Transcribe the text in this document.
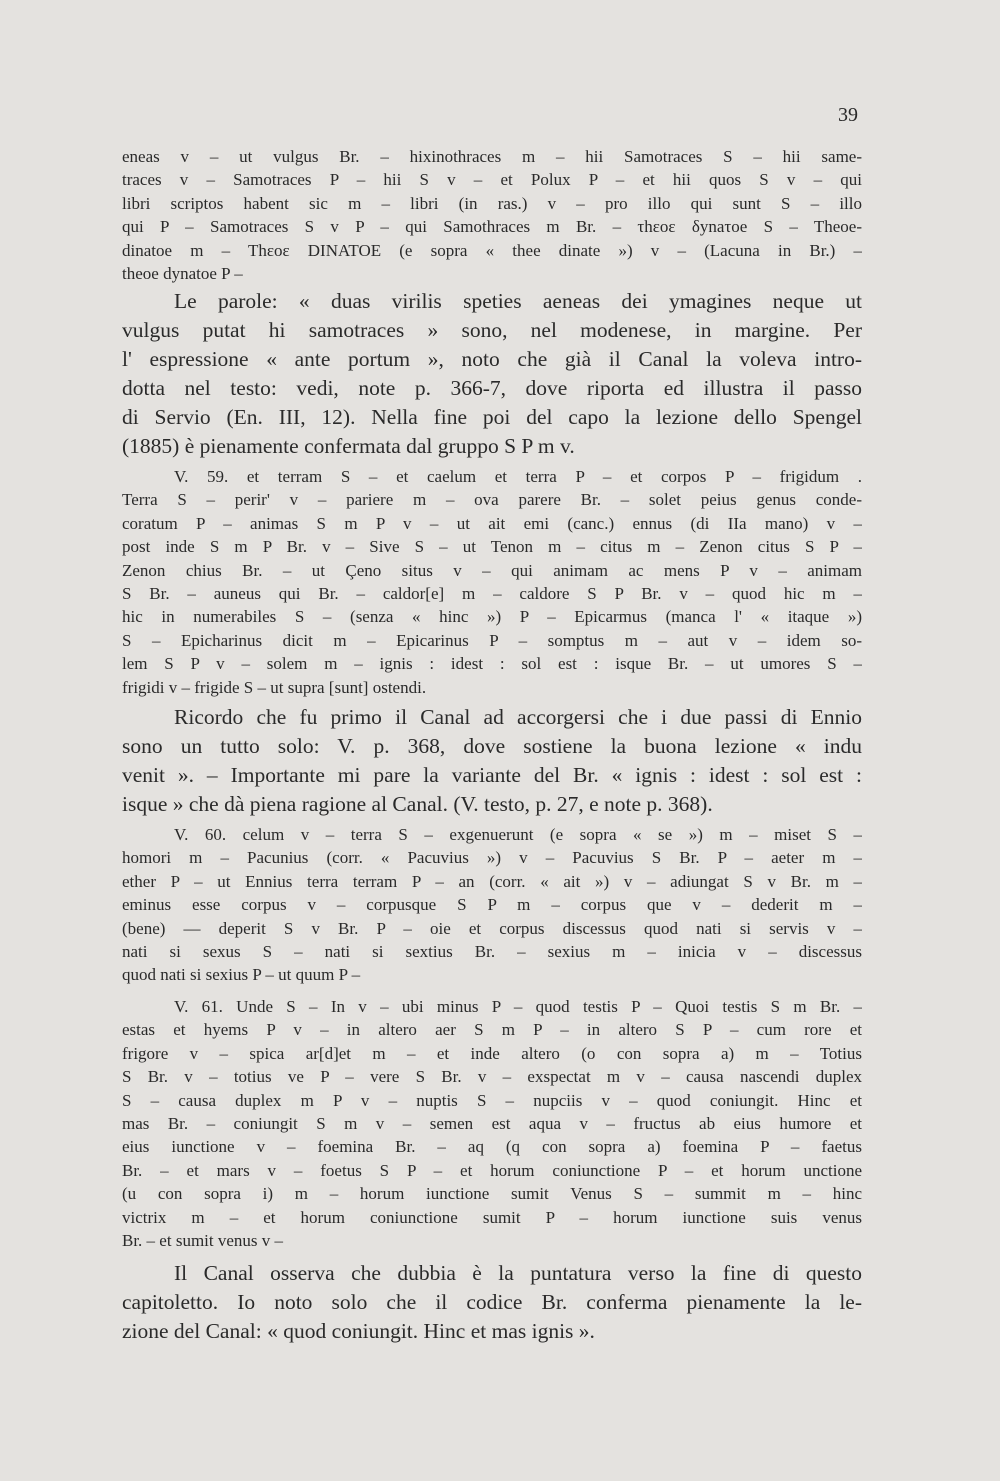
39
eneas v – ut vulgus Br. – hixinothraces m – hii Samotraces S – hii same-
traces v – Samotraces P – hii S v – et Polux P – et hii quos S v – qui
libri scriptos habent sic m – libri (in ras.) v – pro illo qui sunt S – illo
qui P – Samotraces S v P – qui Samothraces m Br. – τhεoε δynaτoe S – Theoe-
dinatoe m – Thεoε DINATOE (e sopra « thee dinate ») v – (Lacuna in Br.) –
theoe dynatoe P –
Le parole: « duas virilis speties aeneas dei ymagines neque ut
vulgus putat hi samotraces » sono, nel modenese, in margine. Per
l' espressione « ante portum », noto che già il Canal la voleva intro-
dotta nel testo: vedi, note p. 366-7, dove riporta ed illustra il passo
di Servio (En. III, 12). Nella fine poi del capo la lezione dello Spengel
(1885) è pienamente confermata dal gruppo S P m v.
V. 59. et terram S – et caelum et terra P – et corpos P – frigidum .
Terra S – perir' v – pariere m – ova parere Br. – solet peius genus conde-
coratum P – animas S m P v – ut ait emi (canc.) ennus (di IIa mano) v –
post inde S m P Br. v – Sive S – ut Tenon m – citus m – Zenon citus S P –
Zenon chius Br. – ut Çeno situs v – qui animam ac mens P v – animam
S Br. – auneus qui Br. – caldor[e] m – caldore S P Br. v – quod hic m –
hic in numerabiles S – (senza « hinc ») P – Epicarmus (manca l' « itaque »)
S – Epicharinus dicit m – Epicarinus P – somptus m – aut v – idem so-
lem S P v – solem m – ignis : idest : sol est : isque Br. – ut umores S –
frigidi v – frigide S – ut supra [sunt] ostendi.
Ricordo che fu primo il Canal ad accorgersi che i due passi di Ennio
sono un tutto solo: V. p. 368, dove sostiene la buona lezione « indu
venit ». – Importante mi pare la variante del Br. « ignis : idest : sol est :
isque » che dà piena ragione al Canal. (V. testo, p. 27, e note p. 368).
V. 60. celum v – terra S – exgenuerunt (e sopra « se ») m – miset S –
homori m – Pacunius (corr. « Pacuvius ») v – Pacuvius S Br. P – aeter m –
ether P – ut Ennius terra terram P – an (corr. « ait ») v – adiungat S v Br. m –
eminus esse corpus v – corpusque S P m – corpus que v – dederit m –
(bene) — deperit S v Br. P – oie et corpus discessus quod nati si servis v –
nati si sexus S – nati si sextius Br. – sexius m – inicia v – discessus
quod nati si sexius P – ut quum P –
V. 61. Unde S – In v – ubi minus P – quod testis P – Quoi testis S m Br. –
estas et hyems P v – in altero aer S m P – in altero S P – cum rore et
frigore v – spica ar[d]et m – et inde altero (o con sopra a) m – Totius
S Br. v – totius ve P – vere S Br. v – exspectat m v – causa nascendi duplex
S – causa duplex m P v – nuptis S – nupciis v – quod coniungit. Hinc et
mas Br. – coniungit S m v – semen est aqua v – fructus ab eius humore et
eius iunctione v – foemina Br. – aq (q con sopra a) foemina P – faetus
Br. – et mars v – foetus S P – et horum coniunctione P – et horum unctione
(u con sopra i) m – horum iunctione sumit Venus S – summit m – hinc
victrix m – et horum coniunctione sumit P – horum iunctione suis venus
Br. – et sumit venus v –
Il Canal osserva che dubbia è la puntatura verso la fine di questo
capitoletto. Io noto solo che il codice Br. conferma pienamente la le-
zione del Canal: « quod coniungit. Hinc et mas ignis ».
